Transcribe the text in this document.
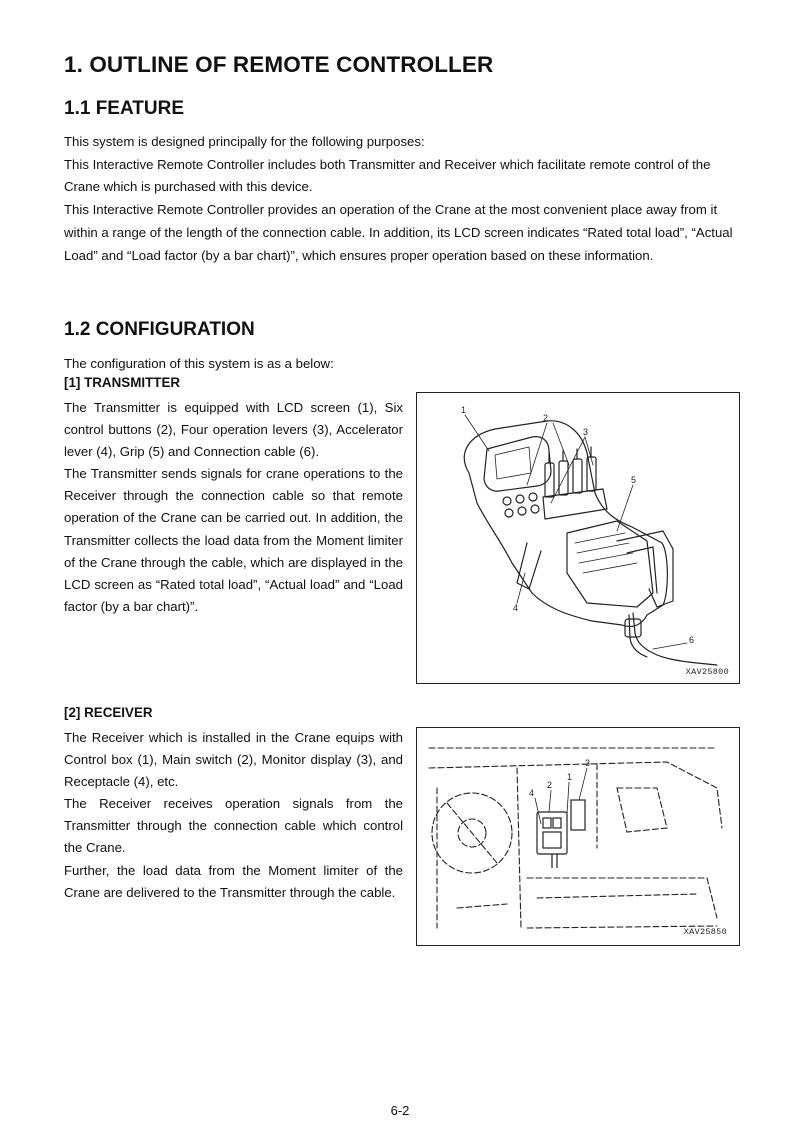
1. OUTLINE OF REMOTE CONTROLLER
1.1 FEATURE

This system is designed principally for the following purposes:
This Interactive Remote Controller includes both Transmitter and Receiver which facilitate remote control of the Crane which is purchased with this device.
This Interactive Remote Controller provides an operation of the Crane at the most convenient place away from it within a range of the length of the connection cable. In addition, its LCD screen indicates “Rated total load”, “Actual Load” and “Load factor (by a bar chart)”, which ensures proper operation based on these information.

1.2 CONFIGURATION

The configuration of this system is as a below:

[1] TRANSMITTER

The Transmitter is equipped with LCD screen (1), Six control buttons (2), Four operation levers (3), Accelerator lever (4), Grip (5) and Connection cable (6).

The Transmitter sends signals for crane operations to the Receiver through the connection cable so that remote operation of the Crane can be carried out. In addition, the Transmitter collects the load data from the Moment limiter of the Crane through the cable, which are displayed in the LCD screen as “Rated total load”, “Actual load” and “Load factor (by a bar chart)”.

1
2
3
5
4
6
XAV25800

[2] RECEIVER

The Receiver which is installed in the Crane equips with Control box (1), Main switch (2), Monitor display (3), and Receptacle (4), etc.

The Receiver receives operation signals from the Transmitter through the connection cable which control the Crane.

Further, the load data from the Moment limiter of the Crane are delivered to the Transmitter through the cable.

3
2
1
4
XAV25850
6-2
